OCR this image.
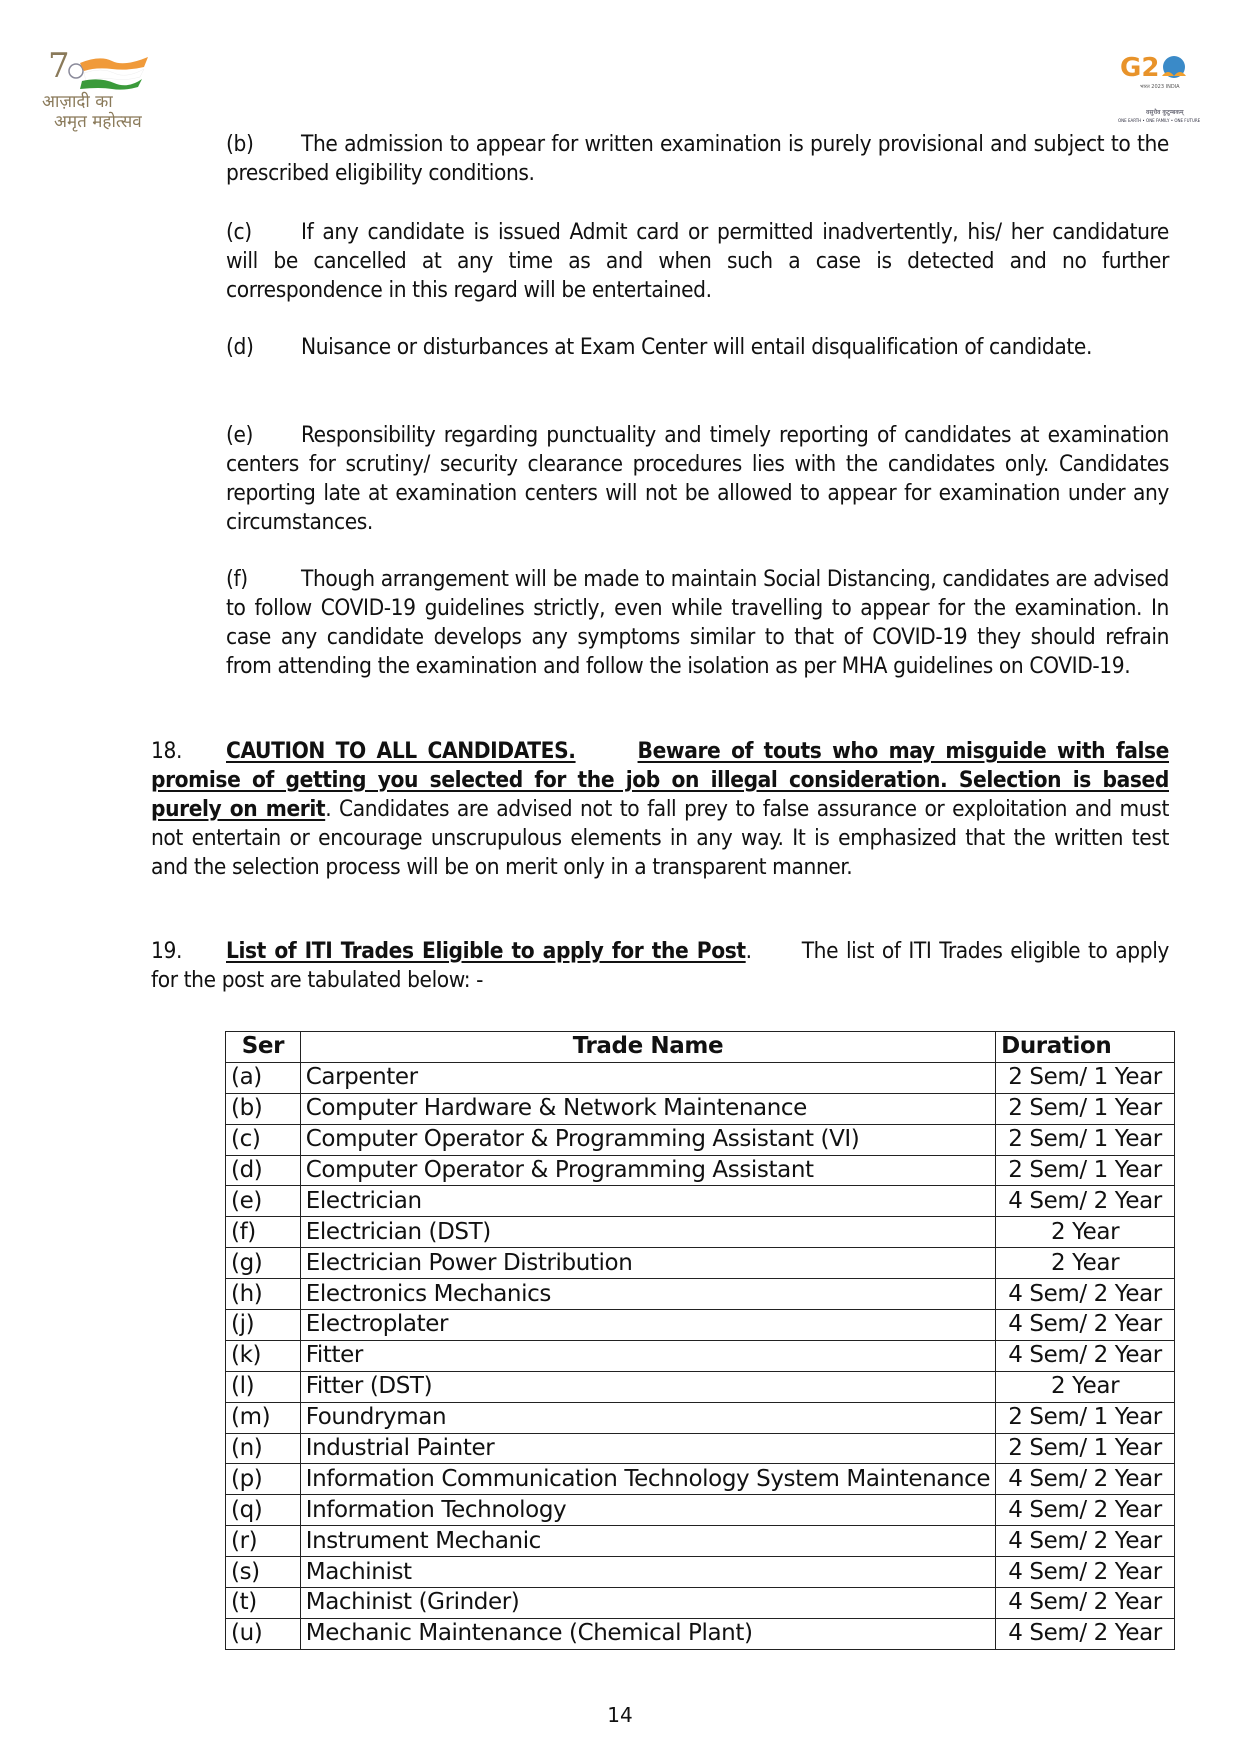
7
आज़ादी का
अमृत महोत्सव
G2
भारत 2023 INDIA
वसुधैव कुटुम्बकम्
ONE EARTH • ONE FAMILY • ONE FUTURE
(b) The admission to appear for written examination is purely provisional and subject to the prescribed eligibility conditions.
(c) If any candidate is issued Admit card or permitted inadvertently, his/ her candidature will be cancelled at any time as and when such a case is detected and no further correspondence in this regard will be entertained.
(d) Nuisance or disturbances at Exam Center will entail disqualification of candidate.
(e) Responsibility regarding punctuality and timely reporting of candidates at examination centers for scrutiny/ security clearance procedures lies with the candidates only. Candidates reporting late at examination centers will not be allowed to appear for examination under any circumstances.
(f) Though arrangement will be made to maintain Social Distancing, candidates are advised to follow COVID-19 guidelines strictly, even while travelling to appear for the examination. In case any candidate develops any symptoms similar to that of COVID-19 they should refrain from attending the examination and follow the isolation as per MHA guidelines on COVID-19.
18. CAUTION TO ALL CANDIDATES.	Beware of touts who may misguide with false promise of getting you selected for the job on illegal consideration. Selection is based purely on merit. Candidates are advised not to fall prey to false assurance or exploitation and must not entertain or encourage unscrupulous elements in any way. It is emphasized that the written test and the selection process will be on merit only in a transparent manner.
19. List of ITI Trades Eligible to apply for the Post. The list of ITI Trades eligible to apply for the post are tabulated below: -
Ser	Trade Name	Duration
(a)	Carpenter	2 Sem/ 1 Year
(b)	Computer Hardware & Network Maintenance	2 Sem/ 1 Year
(c)	Computer Operator & Programming Assistant (VI)	2 Sem/ 1 Year
(d)	Computer Operator & Programming Assistant	2 Sem/ 1 Year
(e)	Electrician	4 Sem/ 2 Year
(f)	Electrician (DST)	2 Year
(g)	Electrician Power Distribution	2 Year
(h)	Electronics Mechanics	4 Sem/ 2 Year
(j)	Electroplater	4 Sem/ 2 Year
(k)	Fitter	4 Sem/ 2 Year
(l)	Fitter (DST)	2 Year
(m)	Foundryman	2 Sem/ 1 Year
(n)	Industrial Painter	2 Sem/ 1 Year
(p)	Information Communication Technology System Maintenance	4 Sem/ 2 Year
(q)	Information Technology	4 Sem/ 2 Year
(r)	Instrument Mechanic	4 Sem/ 2 Year
(s)	Machinist	4 Sem/ 2 Year
(t)	Machinist (Grinder)	4 Sem/ 2 Year
(u)	Mechanic Maintenance (Chemical Plant)	4 Sem/ 2 Year
14
